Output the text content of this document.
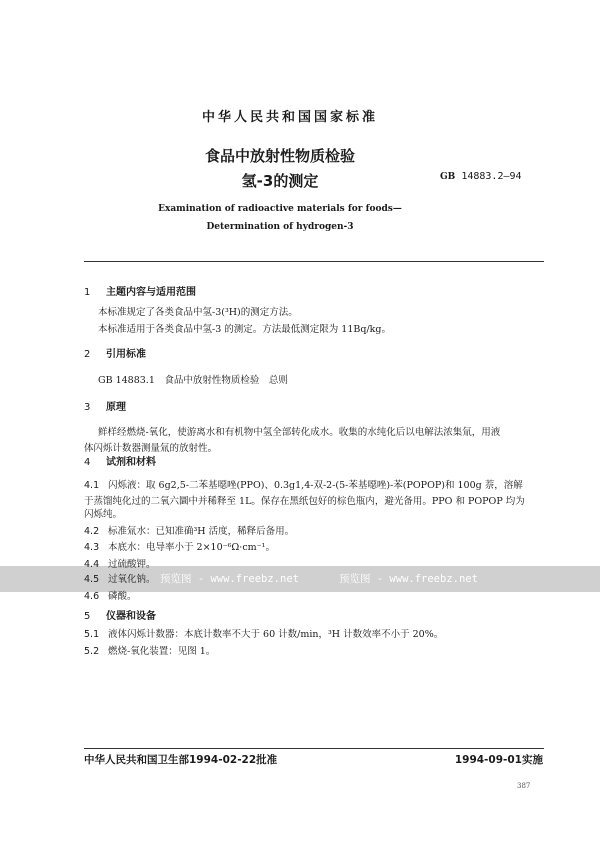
中华人民共和国国家标准
食品中放射性物质检验
氢-3的测定	GB 14883.2—94
Examination of radioactive materials for foods—
Determination of hydrogen-3
1 主题内容与适用范围
本标准规定了各类食品中氢-3(³H)的测定方法。
本标准适用于各类食品中氢-3 的测定。方法最低测定限为 11Bq/kg。
2 引用标准
GB 14883.1　食品中放射性物质检验　总则
3 原理
鲜样经燃烧-氧化，使游离水和有机物中氢全部转化成水。收集的水纯化后以电解法浓集氚，用液
体闪烁计数器测量氚的放射性。
4 试剂和材料
4.1 闪烁液：取 6g2,5-二苯基噁唑(PPO)、0.3g1,4-双-2-(5-苯基噁唑)-苯(POPOP)和 100g 萘，溶解
于蒸馏纯化过的二氧六圜中并稀释至 1L。保存在黑纸包好的棕色瓶内，避光备用。PPO 和 POPOP 均为
闪烁纯。
4.2 标准氚水：已知准确³H 活度，稀释后备用。
4.3 本底水：电导率小于 2×10⁻⁶Ω·cm⁻¹。
4.4 过硫酸钾。
4.5 过氧化钠。
4.6 磷酸。
5 仪器和设备
5.1 液体闪烁计数器：本底计数率不大于 60 计数/min，³H 计数效率不小于 20%。
5.2 燃烧-氧化装置：见图 1。
预览图 - www.freebz.net	预览图 - www.freebz.net
中华人民共和国卫生部1994-02-22批准	1994-09-01实施
387
